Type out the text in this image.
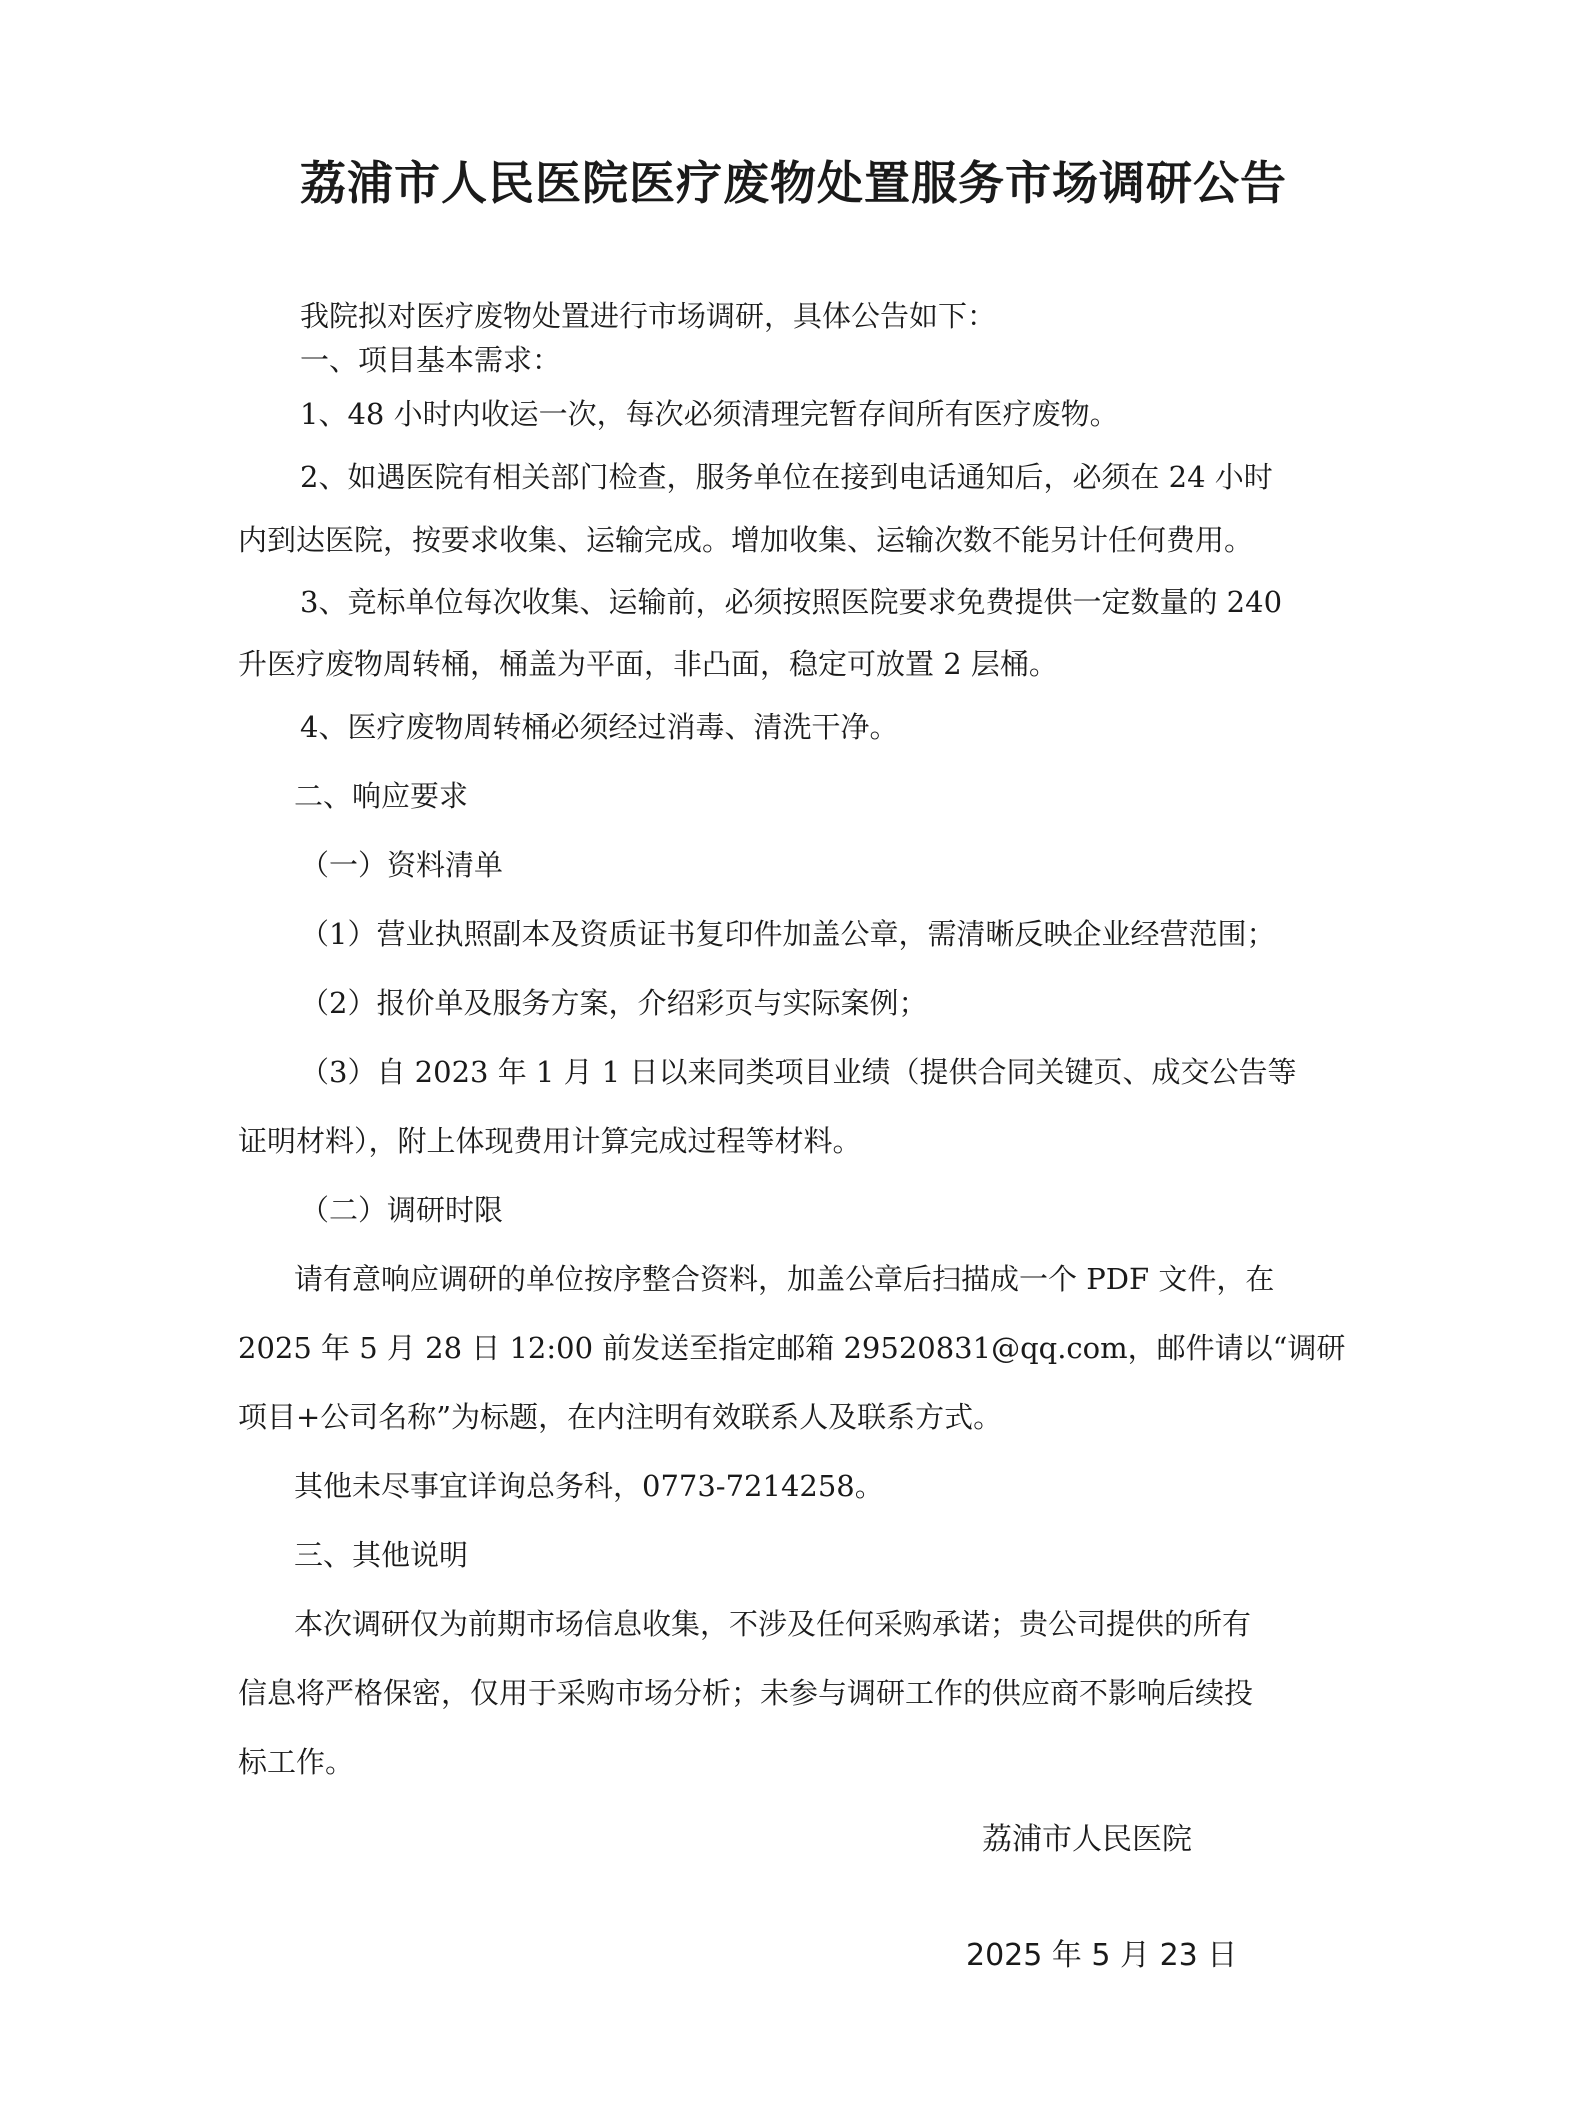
荔浦市人民医院医疗废物处置服务市场调研公告

我院拟对医疗废物处置进行市场调研，具体公告如下：

一、项目基本需求：

1、48 小时内收运一次，每次必须清理完暂存间所有医疗废物。

2、如遇医院有相关部门检查，服务单位在接到电话通知后，必须在 24 小时

内到达医院，按要求收集、运输完成。增加收集、运输次数不能另计任何费用。

3、竞标单位每次收集、运输前，必须按照医院要求免费提供一定数量的 240

升医疗废物周转桶，桶盖为平面，非凸面，稳定可放置 2 层桶。

4、医疗废物周转桶必须经过消毒、清洗干净。

二、响应要求

（一）资料清单

（1）营业执照副本及资质证书复印件加盖公章，需清晰反映企业经营范围；

（2）报价单及服务方案，介绍彩页与实际案例；

（3）自 2023 年 1 月 1 日以来同类项目业绩（提供合同关键页、成交公告等

证明材料），附上体现费用计算完成过程等材料。

（二）调研时限

请有意响应调研的单位按序整合资料，加盖公章后扫描成一个 PDF 文件，在

2025 年 5 月 28 日 12:00 前发送至指定邮箱 29520831@qq.com，邮件请以“调研

项目+公司名称”为标题，在内注明有效联系人及联系方式。

其他未尽事宜详询总务科，0773-7214258。

三、其他说明

本次调研仅为前期市场信息收集，不涉及任何采购承诺；贵公司提供的所有

信息将严格保密，仅用于采购市场分析；未参与调研工作的供应商不影响后续投

标工作。

荔浦市人民医院

2025 年 5 月 23 日
